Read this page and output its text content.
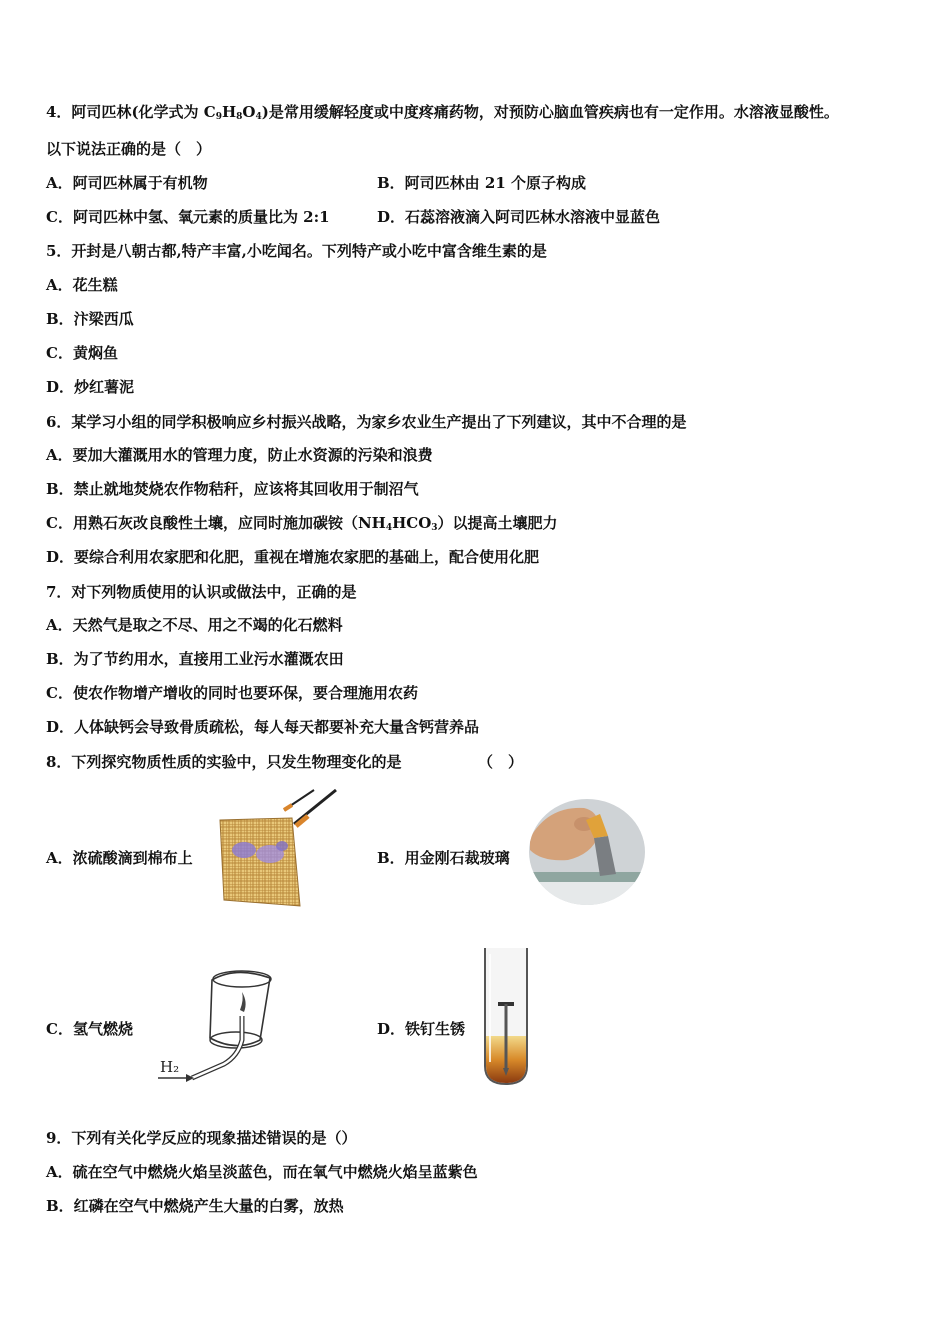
4．阿司匹林(化学式为 $C_9H_8O_4$)是常用缓解轻度或中度疼痛药物，对预防心脑血管疾病也有一定作用。水溶液显酸性。
以下说法正确的是（　）
A．阿司匹林属于有机物	B．阿司匹林由 21 个原子构成
C．阿司匹林中氢、氧元素的质量比为 2:1	D．石蕊溶液滴入阿司匹林水溶液中显蓝色
5．开封是八朝古都,特产丰富,小吃闻名。下列特产或小吃中富含维生素的是
A．花生糕
B．汴梁西瓜
C．黄焖鱼
D．炒红薯泥
6．某学习小组的同学积极响应乡村振兴战略，为家乡农业生产提出了下列建议，其中不合理的是
A．要加大灌溉用水的管理力度，防止水资源的污染和浪费
B．禁止就地焚烧农作物秸秆，应该将其回收用于制沼气
C．用熟石灰改良酸性土壤，应同时施加碳铵$(NH_4HCO_3)$以提高土壤肥力
D．要综合利用农家肥和化肥，重视在增施农家肥的基础上，配合使用化肥
7．对下列物质使用的认识或做法中，正确的是
A．天然气是取之不尽、用之不竭的化石燃料
B．为了节约用水，直接用工业污水灌溉农田
C．使农作物增产增收的同时也要环保，要合理施用农药
D．人体缺钙会导致骨质疏松，每人每天都要补充大量含钙营养品
8．下列探究物质性质的实验中，只发生物理变化的是	（　）
A．浓硫酸滴到棉布上	B．用金刚石裁玻璃
C．氢气燃烧
H₂
D．铁钉生锈
9．下列有关化学反应的现象描述错误的是（）
A．硫在空气中燃烧火焰呈淡蓝色，而在氧气中燃烧火焰呈蓝紫色
B．红磷在空气中燃烧产生大量的白雾，放热
